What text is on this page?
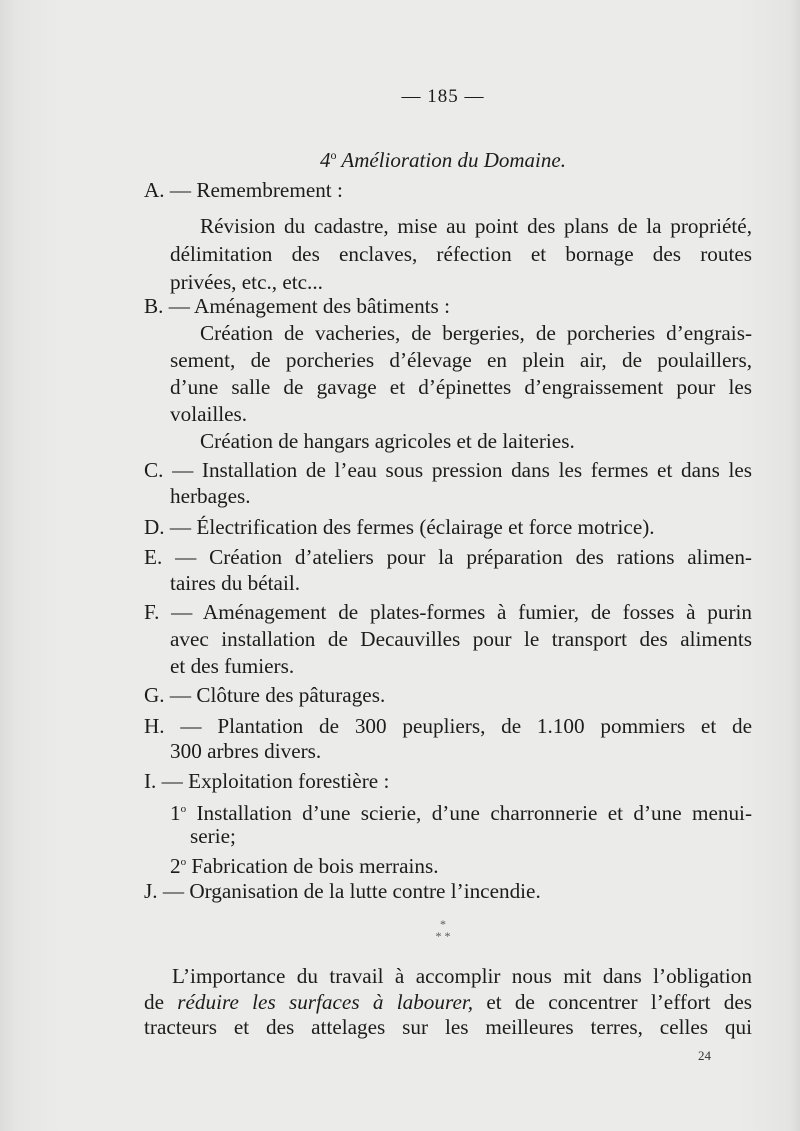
— 185 —
4$^o$ Amélioration du Domaine.
A. — Remembrement :
Révision du cadastre, mise au point des plans de la propriété,
délimitation des enclaves, réfection et bornage des routes
privées, etc., etc...
B. — Aménagement des bâtiments :
Création de vacheries, de bergeries, de porcheries d’engrais-
sement, de porcheries d’élevage en plein air, de poulaillers,
d’une salle de gavage et d’épinettes d’engraissement pour les
volailles.
Création de hangars agricoles et de laiteries.
C. — Installation de l’eau sous pression dans les fermes et dans les
herbages.
D. — Électrification des fermes (éclairage et force motrice).
E. — Création d’ateliers pour la préparation des rations alimen-
taires du bétail.
F. — Aménagement de plates-formes à fumier, de fosses à purin
avec installation de Decauvilles pour le transport des aliments
et des fumiers.
G. — Clôture des pâturages.
H. — Plantation de 300 peupliers, de 1.100 pommiers et de
300 arbres divers.
I. — Exploitation forestière :
1$^o$ Installation d’une scierie, d’une charronnerie et d’une menui-
serie;
2$^o$ Fabrication de bois merrains.
J. — Organisation de la lutte contre l’incendie.
*
* *
L’importance du travail à accomplir nous mit dans l’obligation
de réduire les surfaces à labourer, et de concentrer l’effort des
tracteurs et des attelages sur les meilleures terres, celles qui
24
